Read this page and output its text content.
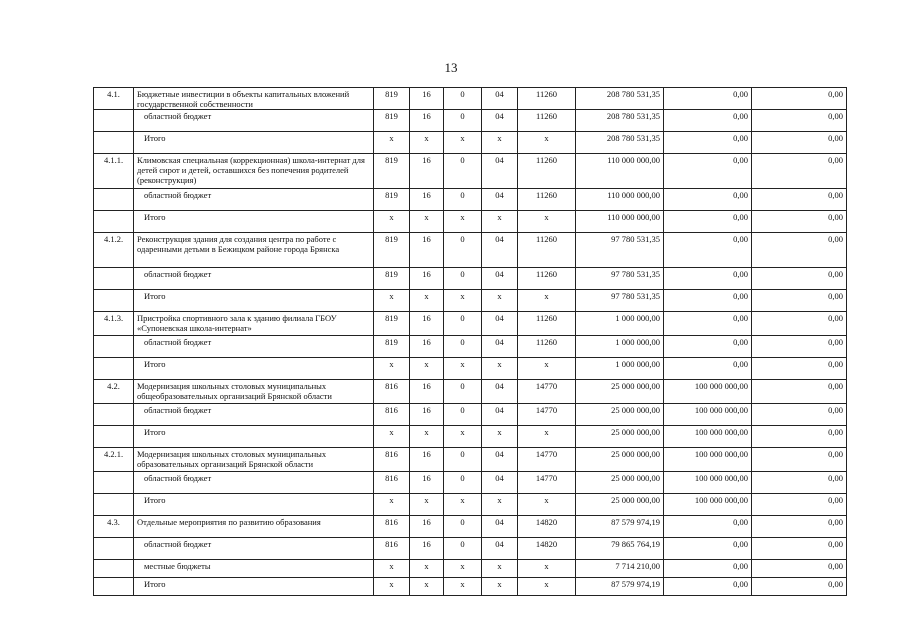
13
4.1.	Бюджетные инвестиции в объекты капитальных вложений государственной собственности	819	16	0	04	11260	208 780 531,35	0,00	0,00
	областной бюджет	819	16	0	04	11260	208 780 531,35	0,00	0,00
	Итого	x	x	x	x	x	208 780 531,35	0,00	0,00
4.1.1.	Климовская специальная (коррекционная) школа-интернат для детей сирот и детей, оставшихся без попечения родителей (реконструкция)	819	16	0	04	11260	110 000 000,00	0,00	0,00
	областной бюджет	819	16	0	04	11260	110 000 000,00	0,00	0,00
	Итого	x	x	x	x	x	110 000 000,00	0,00	0,00
4.1.2.	Реконструкция здания для создания центра по работе с одаренными детьми в Бежицком районе города Брянска	819	16	0	04	11260	97 780 531,35	0,00	0,00
	областной бюджет	819	16	0	04	11260	97 780 531,35	0,00	0,00
	Итого	x	x	x	x	x	97 780 531,35	0,00	0,00
4.1.3.	Пристройка спортивного зала к зданию филиала ГБОУ «Супоневская школа-интернат»	819	16	0	04	11260	1 000 000,00	0,00	0,00
	областной бюджет	819	16	0	04	11260	1 000 000,00	0,00	0,00
	Итого	x	x	x	x	x	1 000 000,00	0,00	0,00
4.2.	Модернизация школьных столовых муниципальных общеобразовательных организаций Брянской области	816	16	0	04	14770	25 000 000,00	100 000 000,00	0,00
	областной бюджет	816	16	0	04	14770	25 000 000,00	100 000 000,00	0,00
	Итого	x	x	x	x	x	25 000 000,00	100 000 000,00	0,00
4.2.1.	Модернизация школьных столовых муниципальных образовательных организаций Брянской области	816	16	0	04	14770	25 000 000,00	100 000 000,00	0,00
	областной бюджет	816	16	0	04	14770	25 000 000,00	100 000 000,00	0,00
	Итого	x	x	x	x	x	25 000 000,00	100 000 000,00	0,00
4.3.	Отдельные мероприятия по развитию образования	816	16	0	04	14820	87 579 974,19	0,00	0,00
	областной бюджет	816	16	0	04	14820	79 865 764,19	0,00	0,00
	местные бюджеты	x	x	x	x	x	7 714 210,00	0,00	0,00
	Итого	x	x	x	x	x	87 579 974,19	0,00	0,00
